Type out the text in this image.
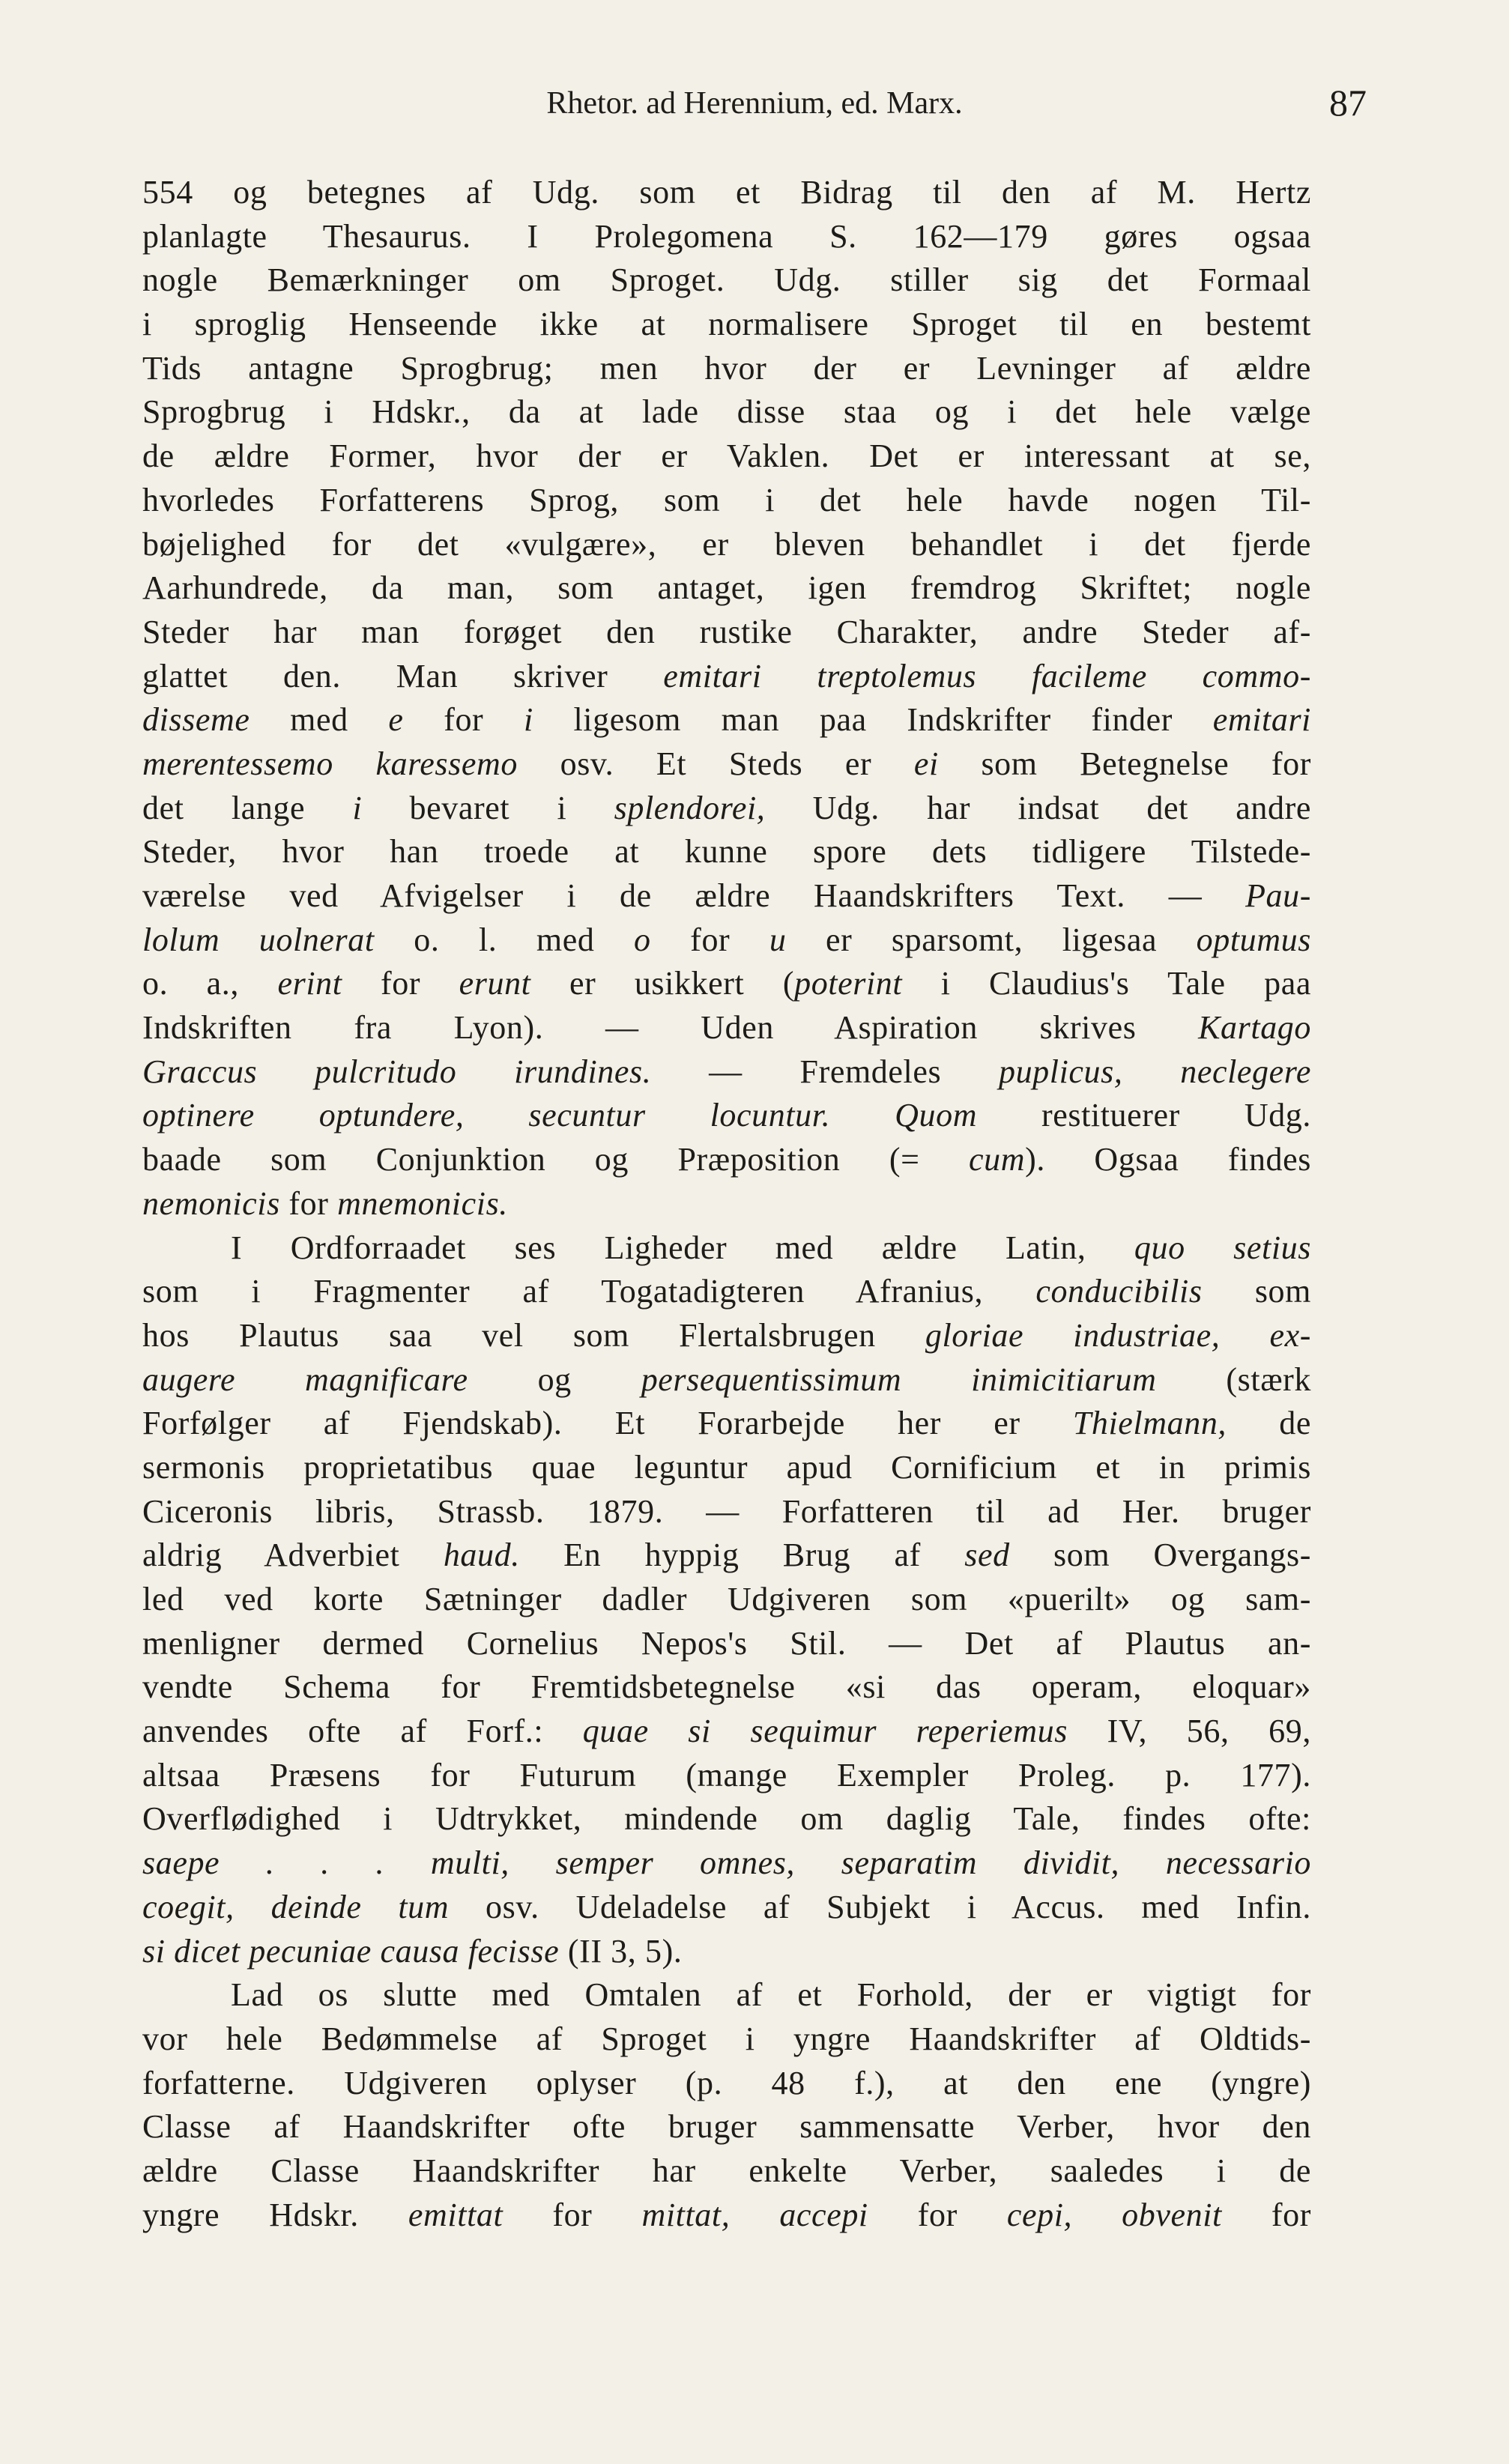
Rhetor. ad Herennium, ed. Marx.	87
554 og betegnes af Udg. som et Bidrag til den af M. Hertz
planlagte Thesaurus. I Prolegomena S. 162—179 gøres ogsaa
nogle Bemærkninger om Sproget. Udg. stiller sig det Formaal
i sproglig Henseende ikke at normalisere Sproget til en bestemt
Tids antagne Sprogbrug; men hvor der er Levninger af ældre
Sprogbrug i Hdskr., da at lade disse staa og i det hele vælge
de ældre Former, hvor der er Vaklen. Det er interessant at se,
hvorledes Forfatterens Sprog, som i det hele havde nogen Til-
bøjelighed for det «vulgære», er bleven behandlet i det fjerde
Aarhundrede, da man, som antaget, igen fremdrog Skriftet; nogle
Steder har man forøget den rustike Charakter, andre Steder af-
glattet den. Man skriver emitari treptolemus facileme commo-
disseme med e for i ligesom man paa Indskrifter finder emitari
merentessemo karessemo osv. Et Steds er ei som Betegnelse for
det lange i bevaret i splendorei, Udg. har indsat det andre
Steder, hvor han troede at kunne spore dets tidligere Tilstede-
værelse ved Afvigelser i de ældre Haandskrifters Text. — Pau-
lolum uolnerat o. l. med o for u er sparsomt, ligesaa optumus
o. a., erint for erunt er usikkert (poterint i Claudius's Tale paa
Indskriften fra Lyon). — Uden Aspiration skrives Kartago
Graccus pulcritudo irundines. — Fremdeles puplicus, neclegere
optinere optundere, secuntur locuntur. Quom restituerer Udg.
baade som Conjunktion og Præposition (= cum). Ogsaa findes
nemonicis for mnemonicis.
I Ordforraadet ses Ligheder med ældre Latin, quo setius
som i Fragmenter af Togatadigteren Afranius, conducibilis som
hos Plautus saa vel som Flertalsbrugen gloriae industriae, ex-
augere magnificare og persequentissimum inimicitiarum (stærk
Forfølger af Fjendskab). Et Forarbejde her er Thielmann, de
sermonis proprietatibus quae leguntur apud Cornificium et in primis
Ciceronis libris, Strassb. 1879. — Forfatteren til ad Her. bruger
aldrig Adverbiet haud. En hyppig Brug af sed som Overgangs-
led ved korte Sætninger dadler Udgiveren som «puerilt» og sam-
menligner dermed Cornelius Nepos's Stil. — Det af Plautus an-
vendte Schema for Fremtidsbetegnelse «si das operam, eloquar»
anvendes ofte af Forf.: quae si sequimur reperiemus IV, 56, 69,
altsaa Præsens for Futurum (mange Exempler Proleg. p. 177).
Overflødighed i Udtrykket, mindende om daglig Tale, findes ofte:
saepe . . . multi, semper omnes, separatim dividit, necessario
coegit, deinde tum osv. Udeladelse af Subjekt i Accus. med Infin.
si dicet pecuniae causa fecisse (II 3, 5).
Lad os slutte med Omtalen af et Forhold, der er vigtigt for
vor hele Bedømmelse af Sproget i yngre Haandskrifter af Oldtids-
forfatterne. Udgiveren oplyser (p. 48 f.), at den ene (yngre)
Classe af Haandskrifter ofte bruger sammensatte Verber, hvor den
ældre Classe Haandskrifter har enkelte Verber, saaledes i de
yngre Hdskr. emittat for mittat, accepi for cepi, obvenit for
